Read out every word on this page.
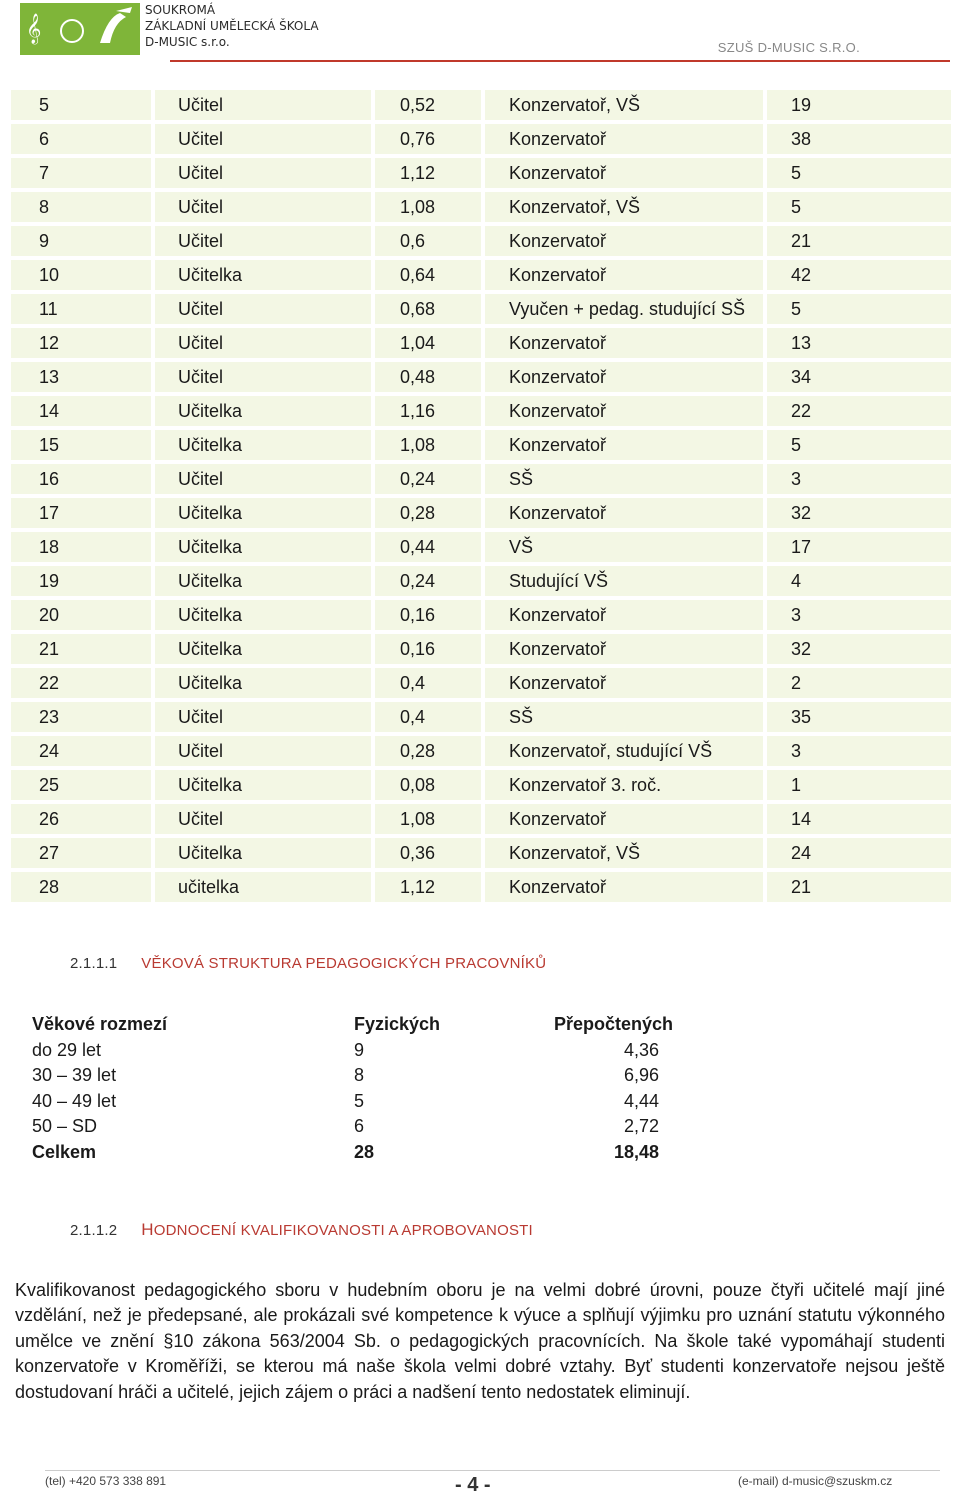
𝄞
SOUKROMÁ
ZÁKLADNÍ UMĚLECKÁ ŠKOLA
D-MUSIC s.r.o.	SZUŠ D-MUSIC S.R.O.
5	Učitel	0,52	Konzervatoř, VŠ	19
6	Učitel	0,76	Konzervatoř	38
7	Učitel	1,12	Konzervatoř	5
8	Učitel	1,08	Konzervatoř, VŠ	5
9	Učitel	0,6	Konzervatoř	21
10	Učitelka	0,64	Konzervatoř	42
11	Učitel	0,68	Vyučen + pedag. studující SŠ	5
12	Učitel	1,04	Konzervatoř	13
13	Učitel	0,48	Konzervatoř	34
14	Učitelka	1,16	Konzervatoř	22
15	Učitelka	1,08	Konzervatoř	5
16	Učitel	0,24	SŠ	3
17	Učitelka	0,28	Konzervatoř	32
18	Učitelka	0,44	VŠ	17
19	Učitelka	0,24	Studující VŠ	4
20	Učitelka	0,16	Konzervatoř	3
21	Učitelka	0,16	Konzervatoř	32
22	Učitelka	0,4	Konzervatoř	2
23	Učitel	0,4	SŠ	35
24	Učitel	0,28	Konzervatoř, studující VŠ	3
25	Učitelka	0,08	Konzervatoř 3. roč.	1
26	Učitel	1,08	Konzervatoř	14
27	Učitelka	0,36	Konzervatoř, VŠ	24
28	učitelka	1,12	Konzervatoř	21
2.1.1.1 VĚKOVÁ STRUKTURA PEDAGOGICKÝCH PRACOVNÍKŮ
Věkové rozmezí	Fyzických	Přepočtených
do 29 let	9	4,36
30 – 39 let	8	6,96
40 – 49 let	5	4,44
50 – SD	6	2,72
Celkem	28	18,48
2.1.1.2 HODNOCENÍ KVALIFIKOVANOSTI A APROBOVANOSTI
Kvalifikovanost pedagogického sboru v hudebním oboru je na velmi dobré úrovni, pouze čtyři učitelé mají jiné vzdělání, než je předepsané, ale prokázali své kompetence k výuce a splňují výjimku pro uznání statutu výkonného umělce ve znění §10 zákona 563/2004 Sb. o pedagogických pracovnících. Na škole také vypomáhají studenti konzervatoře v Kroměříži, se kterou má naše škola velmi dobré vztahy. Byť studenti konzervatoře nejsou ještě dostudovaní hráči a učitelé, jejich zájem o práci a nadšení tento nedostatek eliminují.
(tel) +420 573 338 891	- 4 -	(e-mail) d-music@szuskm.cz
